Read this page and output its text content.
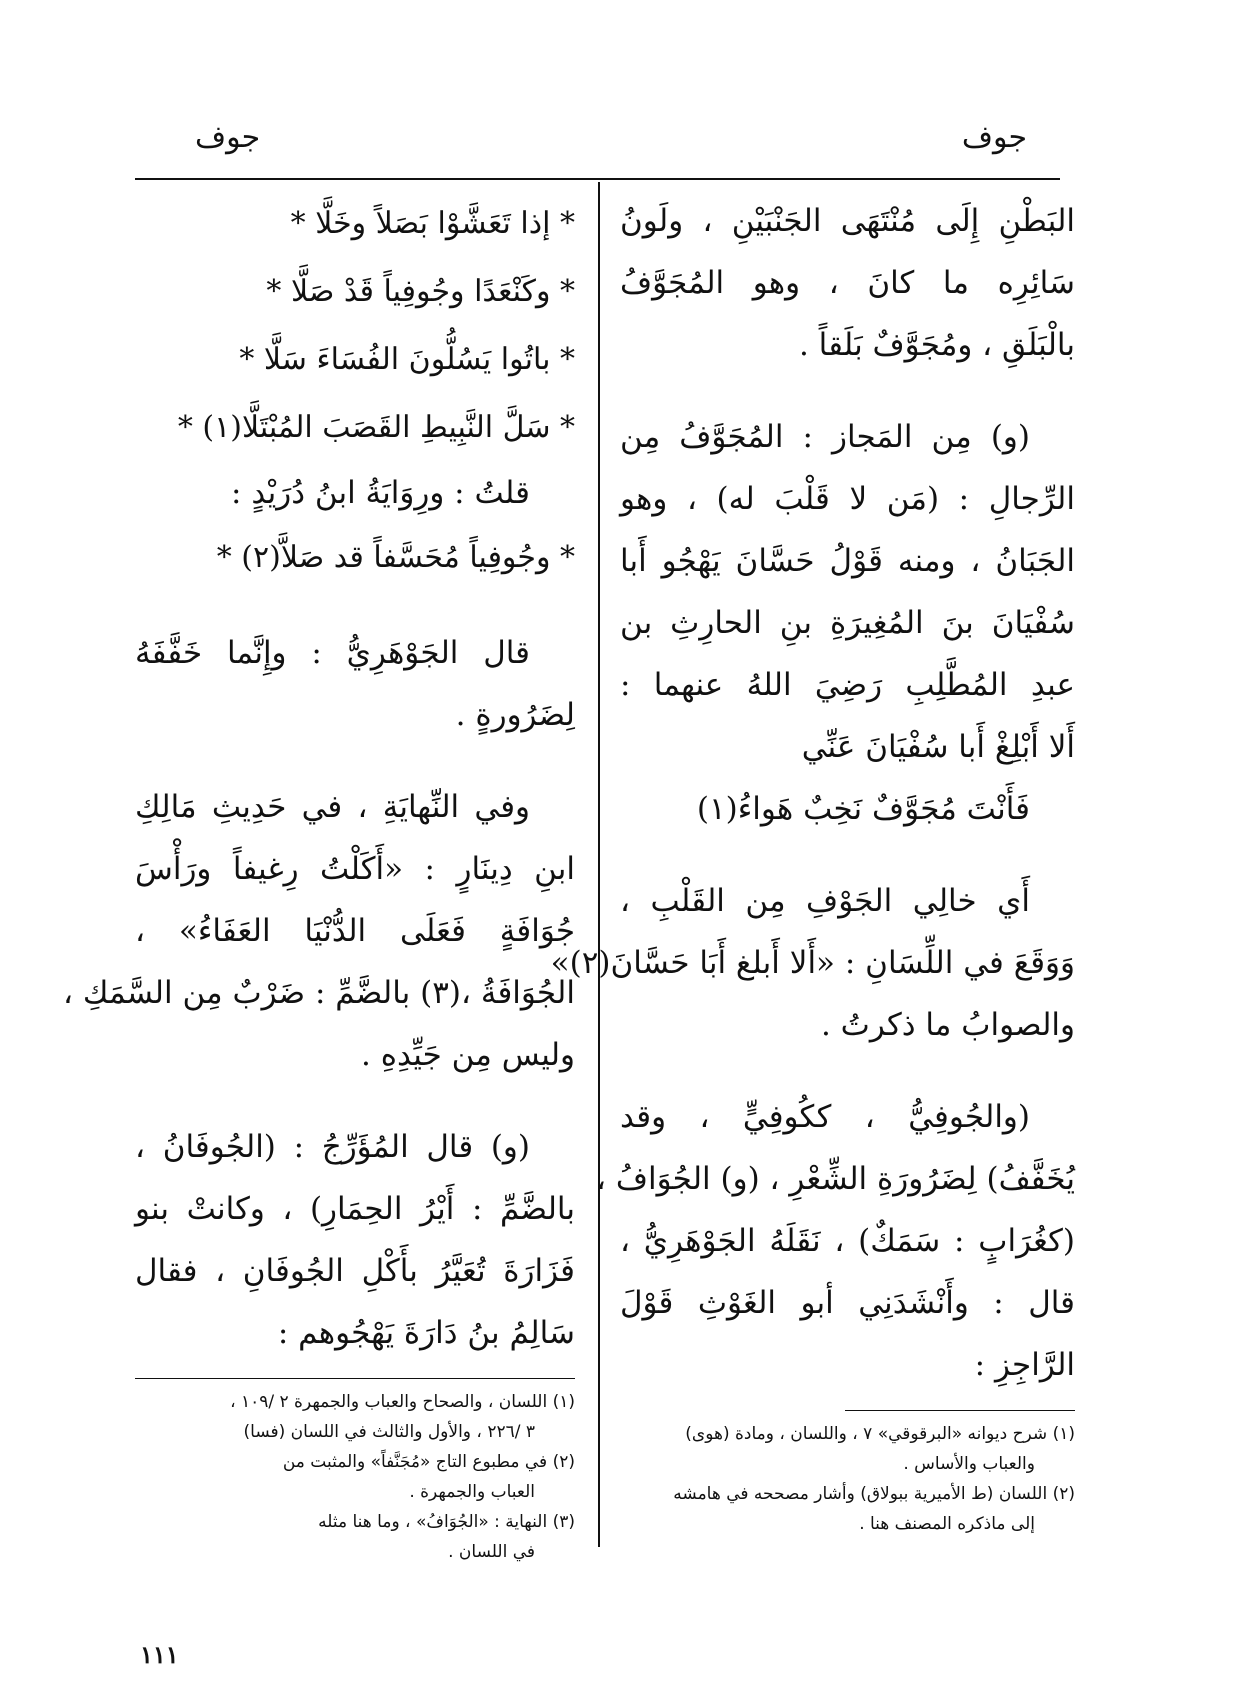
جوف
جوف
البَطْنِ إِلَى مُنْتَهَى الجَنْبَيْنِ ، ولَونُ
سَائِرِه ما كانَ ، وهو المُجَوَّفُ
بالْبَلَقِ ، ومُجَوَّفٌ بَلَقاً .
(و) مِن المَجاز : المُجَوَّفُ مِن
الرِّجالِ : (مَن لا قَلْبَ له) ، وهو
الجَبَانُ ، ومنه قَوْلُ حَسَّانَ يَهْجُو أَبا
سُفْيَانَ بنَ المُغِيرَةِ بنِ الحارِثِ بن
عبدِ المُطَّلِبِ رَضِيَ اللهُ عنهما :
أَلا أَبْلِغْ أَبا سُفْيَانَ عَنِّي
فَأَنْتَ مُجَوَّفٌ نَخِبٌ هَواءُ(١)
أَي خالِي الجَوْفِ مِن القَلْبِ ،
وَوَقَعَ في اللِّسَانِ : «أَلا أَبلغ أَبَا حَسَّانَ(٢)»
والصوابُ ما ذكرتُ .
(والجُوفِيُّ ، ككُوفِيٍّ ، وقد
يُخَفَّفُ) لِضَرُورَةِ الشِّعْرِ ، (و) الجُوَافُ ،
(كغُرَابٍ : سَمَكٌ) ، نَقَلَهُ الجَوْهَرِيُّ ،
قال : وأَنْشَدَنِي أبو الغَوْثِ قَوْلَ
الرَّاجِزِ :
(١) شرح ديوانه «البرقوقي» ٧ ، واللسان ، ومادة (هوى)
والعباب والأساس .
(٢) اللسان (ط الأميرية ببولاق) وأشار مصححه في هامشه
إلى ماذكره المصنف هنا .
* إذا تَعَشَّوْا بَصَلاً وخَلَّا *
* وكَنْعَدًا وجُوفِياً قَدْ صَلَّا *
* باتُوا يَسُلُّونَ الفُسَاءَ سَلَّا *
* سَلَّ النَّبِيطِ القَصَبَ المُبْتَلَّا(١) *
قلتُ : ورِوَايَةُ ابنُ دُرَيْدٍ :
* وجُوفِياً مُحَسَّفاً قد صَلاَّ(٢) *
قال الجَوْهَرِيُّ : وإِنَّما خَفَّفَهُ
لِضَرُورةٍ .
وفي النِّهايَةِ ، في حَدِيثِ مَالِكِ
ابنِ دِينَارٍ : «أَكَلْتُ رِغيفاً ورَأْسَ
جُوَافَةٍ فَعَلَى الدُّنْيَا العَفَاءُ» ،
الجُوَافَةُ ،(٣) بالضَّمِّ : ضَرْبٌ مِن السَّمَكِ ،
وليس مِن جَيِّدِهِ .
(و) قال المُؤَرِّجُ : (الجُوفَانُ ،
بالضَّمِّ : أَيْرُ الحِمَارِ) ، وكانتْ بنو
فَزَارَةَ تُعَيَّرُ بأَكْلِ الجُوفَانِ ، فقال
سَالِمُ بنُ دَارَةَ يَهْجُوهم :
(١) اللسان ، والصحاح والعباب والجمهرة ٢ /١٠٩ ،
٣ /٢٢٦ ، والأول والثالث في اللسان (فسا)
(٢) في مطبوع التاج «مُجَنَّفاً» والمثبت من
العباب والجمهرة .
(٣) النهاية : «الجُوَافُ» ، وما هنا مثله
في اللسان .
١١١
